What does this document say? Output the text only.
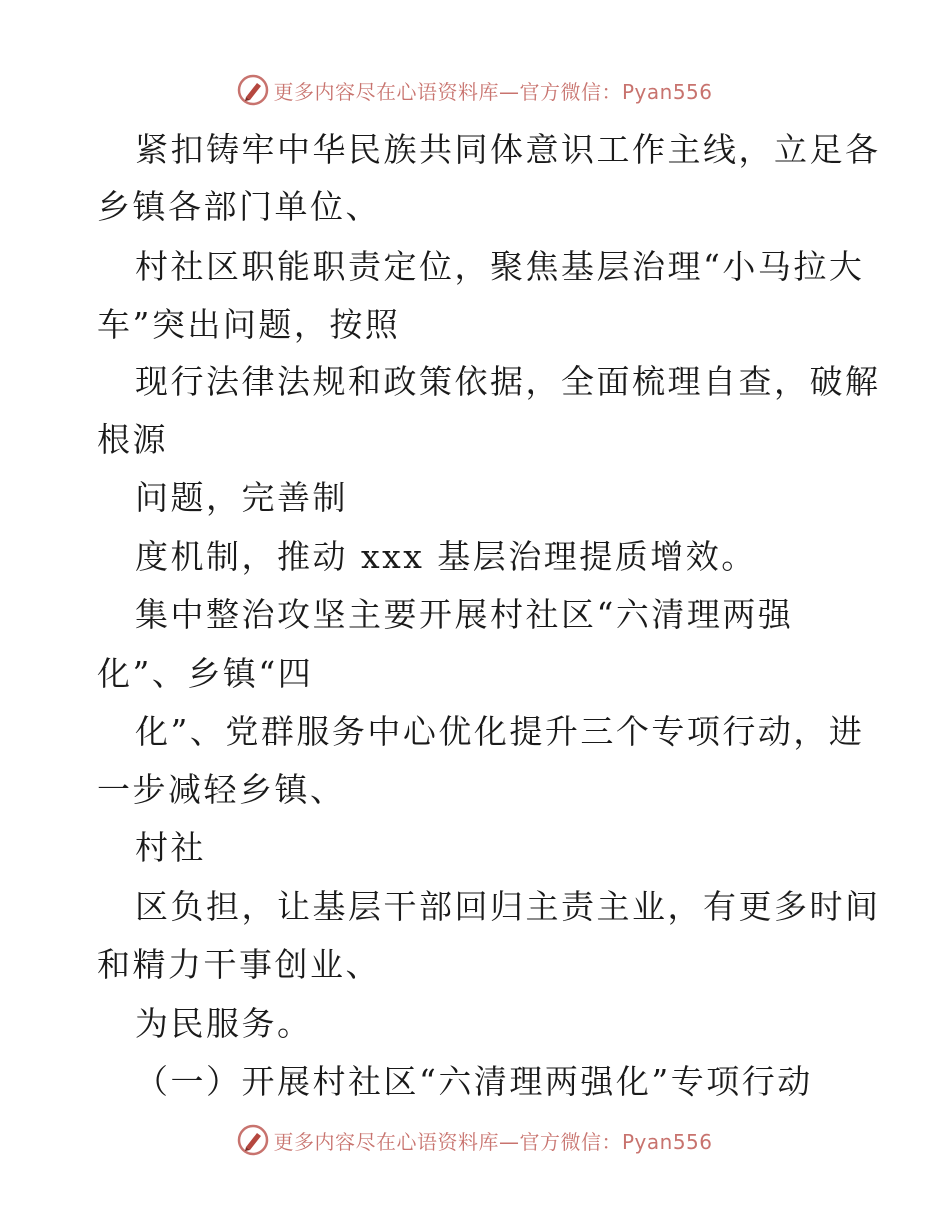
更多内容尽在心语资料库—官方微信：Pyan556
紧扣铸牢中华民族共同体意识工作主线，立足各
乡镇各部门单位、
村社区职能职责定位，聚焦基层治理“小马拉大
车”突出问题，按照
现行法律法规和政策依据，全面梳理自查，破解
根源
问题，完善制
度机制，推动 xxx 基层治理提质增效。
集中整治攻坚主要开展村社区“六清理两强
化”、乡镇“四
化”、党群服务中心优化提升三个专项行动，进
一步减轻乡镇、
村社
区负担，让基层干部回归主责主业，有更多时间
和精力干事创业、
为民服务。
（一）开展村社区“六清理两强化”专项行动
更多内容尽在心语资料库—官方微信：Pyan556
